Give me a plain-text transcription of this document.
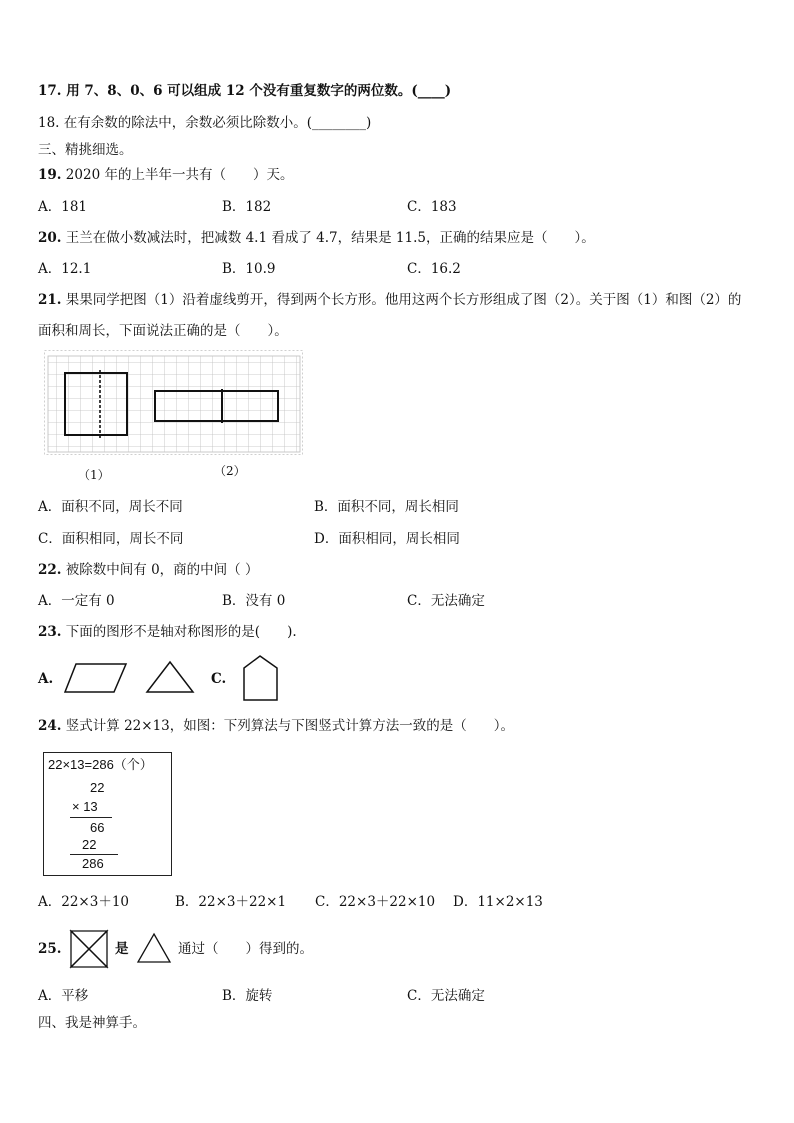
17. 用 7、8、0、6 可以组成 12 个没有重复数字的两位数。(____)
18. 在有余数的除法中，余数必须比除数小。(________)
三、精挑细选。
19. 2020 年的上半年一共有（　　）天。
A．181	B．182	C．183
20. 王兰在做小数减法时，把减数 4.1 看成了 4.7，结果是 11.5，正确的结果应是（　　）。
A．12.1	B．10.9	C．16.2
21. 果果同学把图（1）沿着虚线剪开，得到两个长方形。他用这两个长方形组成了图（2）。关于图（1）和图（2）的
面积和周长，下面说法正确的是（　　）。
（1）	（2）
A．面积不同，周长不同	B．面积不同，周长相同
C．面积相同，周长不同	D．面积相同，周长相同
22. 被除数中间有 0，商的中间（ ）
A．一定有 0	B．没有 0	C．无法确定
23. 下面的图形不是轴对称图形的是(　　).
A.	C.
24. 竖式计算 22×13，如图：下列算法与下图竖式计算方法一致的是（　　）。
22×13=286（个）
22
× 13
66
22
286
A．22×3＋10	B．22×3＋22×1 C．22×3＋22×10 D．11×2×13
25.	是	通过（　　）得到的。
A．平移	B．旋转	C．无法确定
四、我是神算手。
